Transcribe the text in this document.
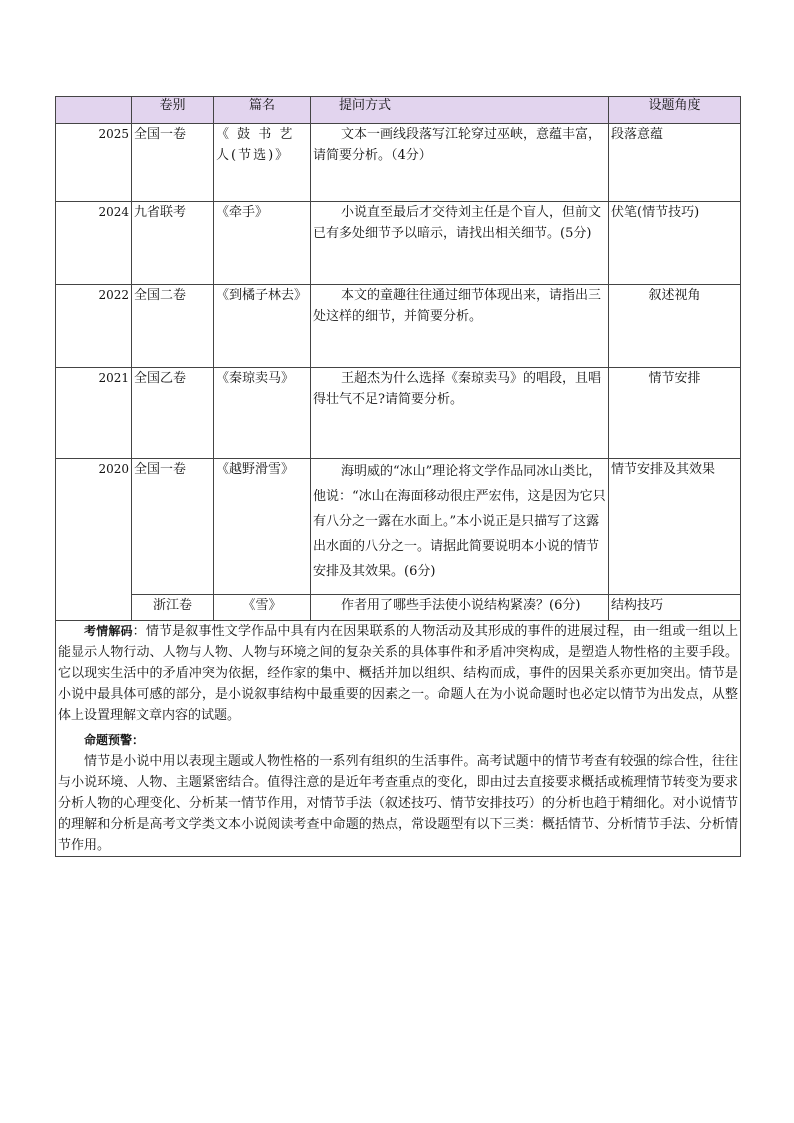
	卷别	篇名	提问方式	设题角度
2025	全国一卷	《 鼓 书 艺 人(节选)》	文本一画线段落写江轮穿过巫峡，意蕴丰富，请简要分析。（4分）	段落意蕴
2024	九省联考	《牵手》	小说直至最后才交待刘主任是个盲人，但前文已有多处细节予以暗示，请找出相关细节。(5分)	伏笔(情节技巧)
2022	全国二卷	《到橘子林去》	本文的童趣往往通过细节体现出来，请指出三处这样的细节，并简要分析。	叙述视角
2021	全国乙卷	《秦琼卖马》	王超杰为什么选择《秦琼卖马》的唱段，且唱得壮气不足?请简要分析。	情节安排
2020	全国一卷	《越野滑雪》	海明威的“冰山”理论将文学作品同冰山类比，他说：“冰山在海面移动很庄严宏伟，这是因为它只有八分之一露在水面上。”本小说正是只描写了这露出水面的八分之一。请据此简要说明本小说的情节安排及其效果。(6分)	情节安排及其效果
	浙江卷	《雪》	作者用了哪些手法使小说结构紧凑？(6分)	结构技巧

考情解码：情节是叙事性文学作品中具有内在因果联系的人物活动及其形成的事件的进展过程，由一组或一组以上能显示人物行动、人物与人物、人物与环境之间的复杂关系的具体事件和矛盾冲突构成，是塑造人物性格的主要手段。它以现实生活中的矛盾冲突为依据，经作家的集中、概括并加以组织、结构而成，事件的因果关系亦更加突出。情节是小说中最具体可感的部分，是小说叙事结构中最重要的因素之一。命题人在为小说命题时也必定以情节为出发点，从整体上设置理解文章内容的试题。

命题预警：

情节是小说中用以表现主题或人物性格的一系列有组织的生活事件。高考试题中的情节考查有较强的综合性，往往与小说环境、人物、主题紧密结合。值得注意的是近年考查重点的变化，即由过去直接要求概括或梳理情节转变为要求分析人物的心理变化、分析某一情节作用，对情节手法（叙述技巧、情节安排技巧）的分析也趋于精细化。对小说情节的理解和分析是高考文学类文本小说阅读考查中命题的热点，常设题型有以下三类：概括情节、分析情节手法、分析情节作用。				
